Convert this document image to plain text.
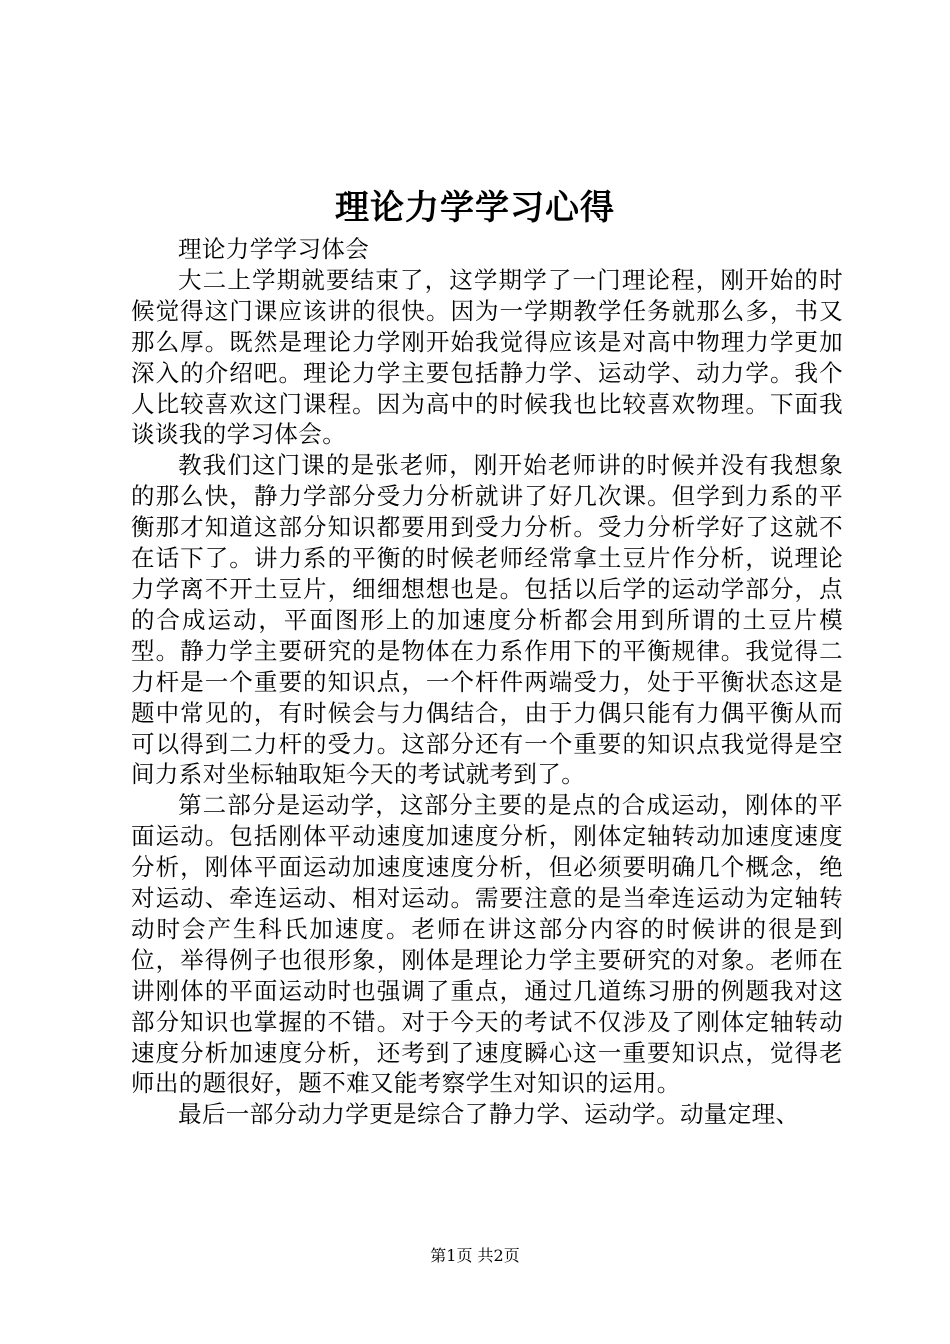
理论力学学习心得

理论力学学习体会

大二上学期就要结束了，这学期学了一门理论程，刚开始的时候觉得这门课应该讲的很快。因为一学期教学任务就那么多，书又那么厚。既然是理论力学刚开始我觉得应该是对高中物理力学更加深入的介绍吧。理论力学主要包括静力学、运动学、动力学。我个人比较喜欢这门课程。因为高中的时候我也比较喜欢物理。下面我谈谈我的学习体会。

教我们这门课的是张老师，刚开始老师讲的时候并没有我想象的那么快，静力学部分受力分析就讲了好几次课。但学到力系的平衡那才知道这部分知识都要用到受力分析。受力分析学好了这就不在话下了。讲力系的平衡的时候老师经常拿土豆片作分析，说理论力学离不开土豆片，细细想想也是。包括以后学的运动学部分，点的合成运动，平面图形上的加速度分析都会用到所谓的土豆片模型。静力学主要研究的是物体在力系作用下的平衡规律。我觉得二力杆是一个重要的知识点，一个杆件两端受力，处于平衡状态这是题中常见的，有时候会与力偶结合，由于力偶只能有力偶平衡从而可以得到二力杆的受力。这部分还有一个重要的知识点我觉得是空间力系对坐标轴取矩今天的考试就考到了。

第二部分是运动学，这部分主要的是点的合成运动，刚体的平面运动。包括刚体平动速度加速度分析，刚体定轴转动加速度速度分析，刚体平面运动加速度速度分析，但必须要明确几个概念，绝对运动、牵连运动、相对运动。需要注意的是当牵连运动为定轴转动时会产生科氏加速度。老师在讲这部分内容的时候讲的很是到位，举得例子也很形象，刚体是理论力学主要研究的对象。老师在讲刚体的平面运动时也强调了重点，通过几道练习册的例题我对这部分知识也掌握的不错。对于今天的考试不仅涉及了刚体定轴转动速度分析加速度分析，还考到了速度瞬心这一重要知识点，觉得老师出的题很好，题不难又能考察学生对知识的运用。

最后一部分动力学更是综合了静力学、运动学。动量定理、

第1页 共2页
